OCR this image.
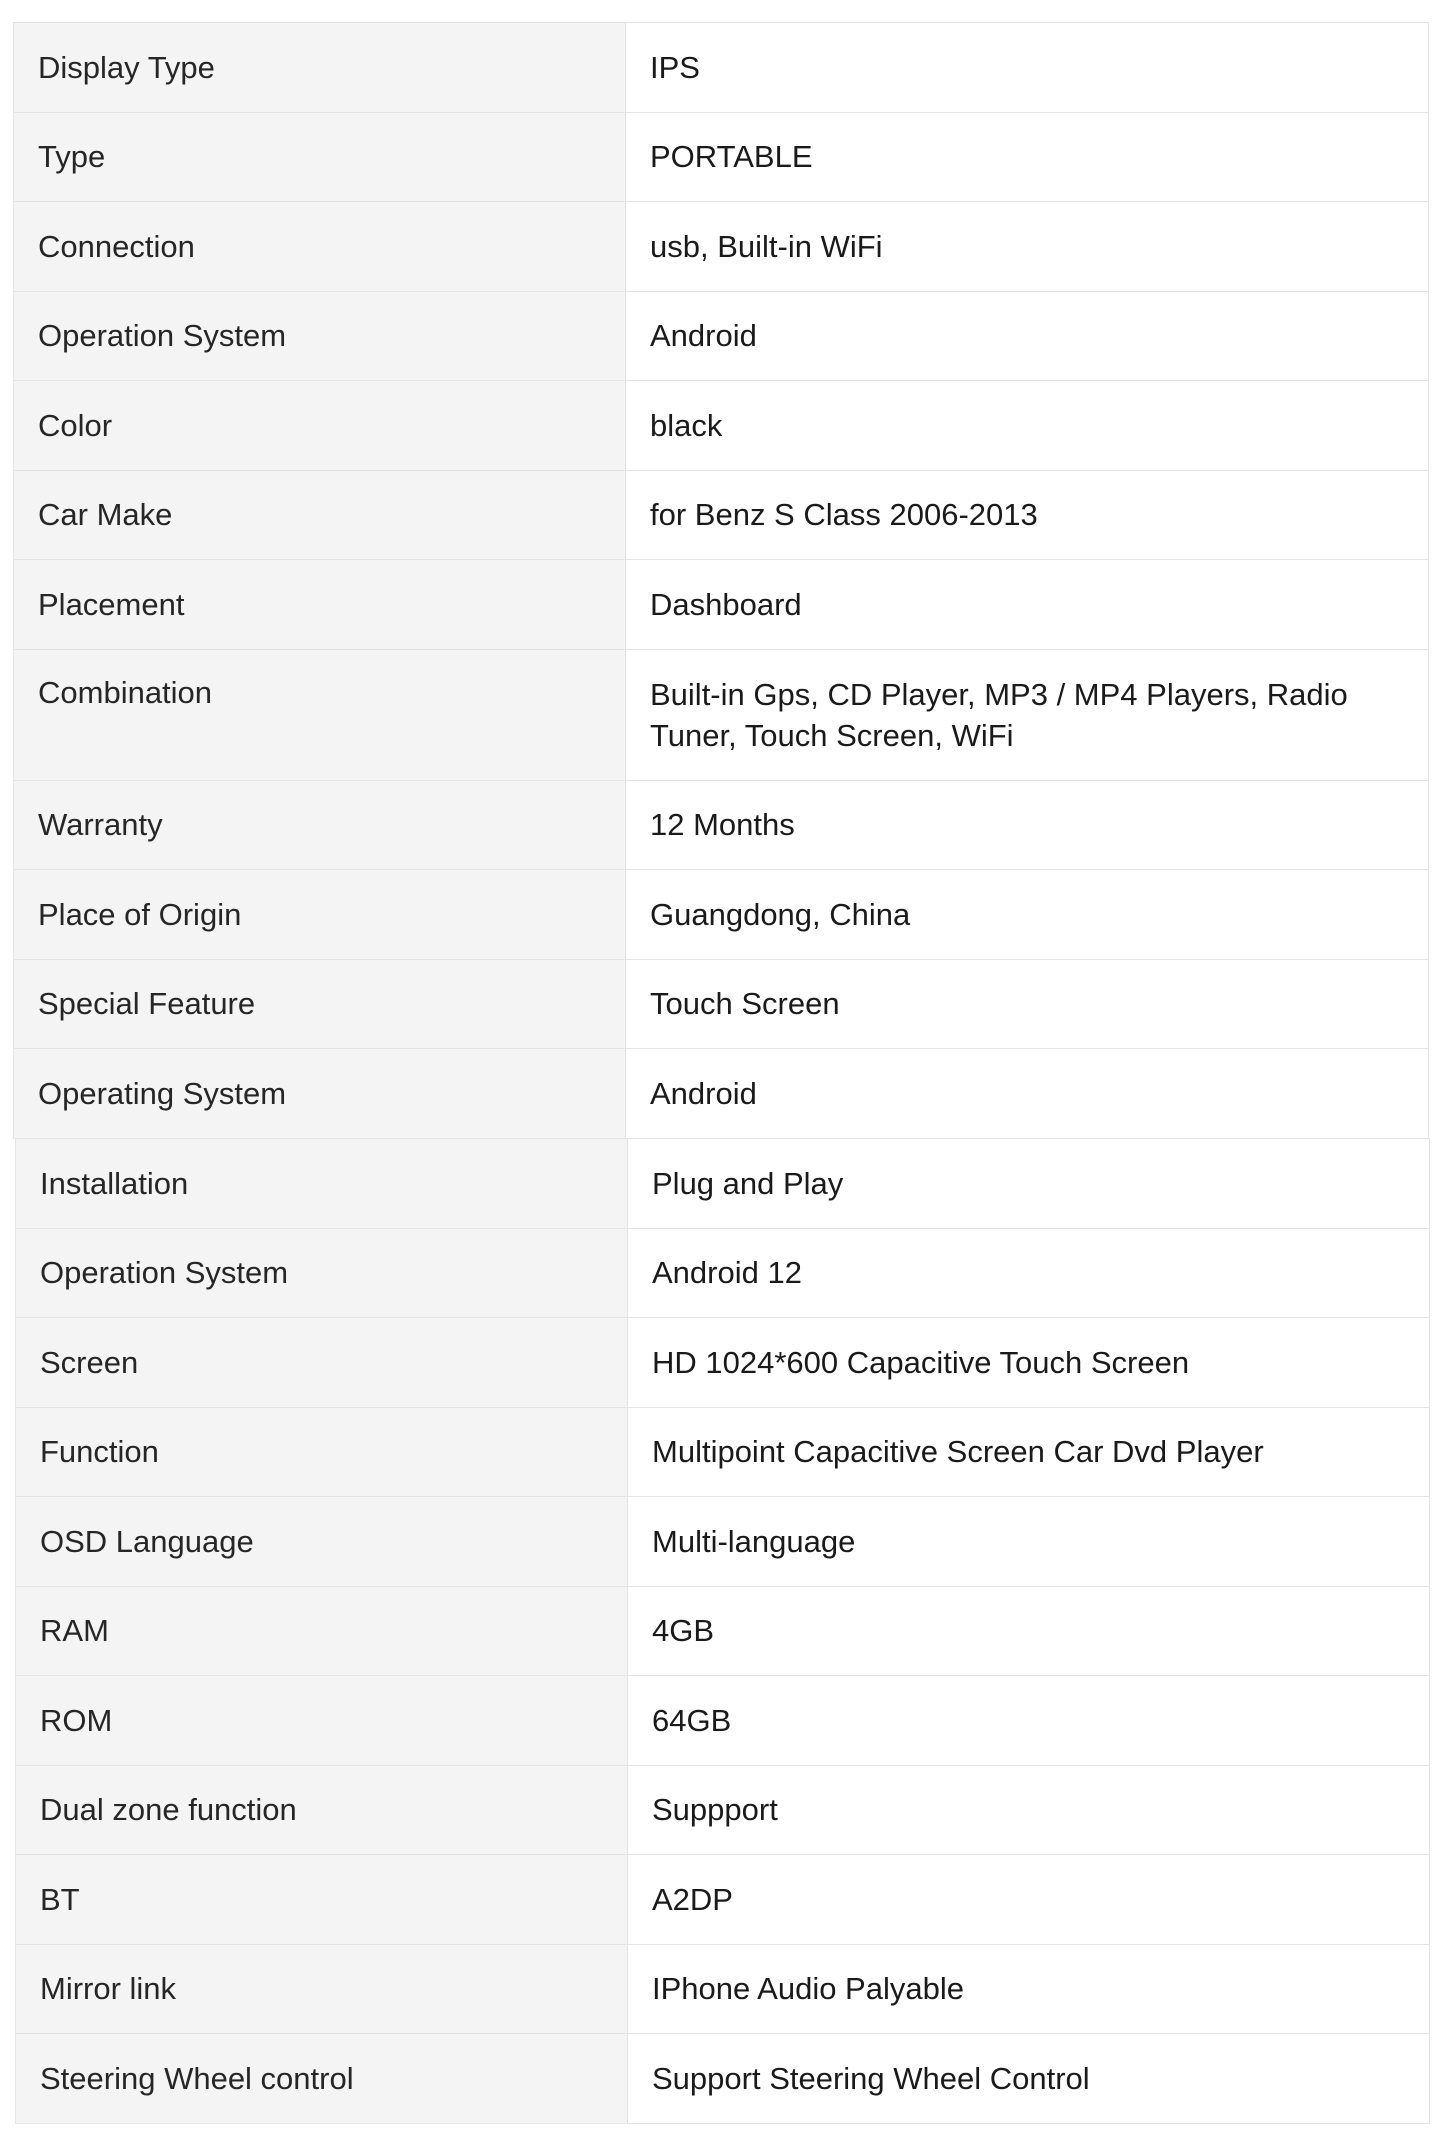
Display Type	IPS
Type	PORTABLE
Connection	usb, Built-in WiFi
Operation System	Android
Color	black
Car Make	for Benz S Class 2006-2013
Placement	Dashboard
Combination	Built-in Gps, CD Player, MP3 / MP4 Players, Radio Tuner, Touch Screen, WiFi
Warranty	12 Months
Place of Origin	Guangdong, China
Special Feature	Touch Screen
Operating System	Android
Installation	Plug and Play
Operation System	Android 12
Screen	HD 1024*600 Capacitive Touch Screen
Function	Multipoint Capacitive Screen Car Dvd Player
OSD Language	Multi-language
RAM	4GB
ROM	64GB
Dual zone function	Suppport
BT	A2DP
Mirror link	IPhone Audio Palyable
Steering Wheel control	Support Steering Wheel Control
